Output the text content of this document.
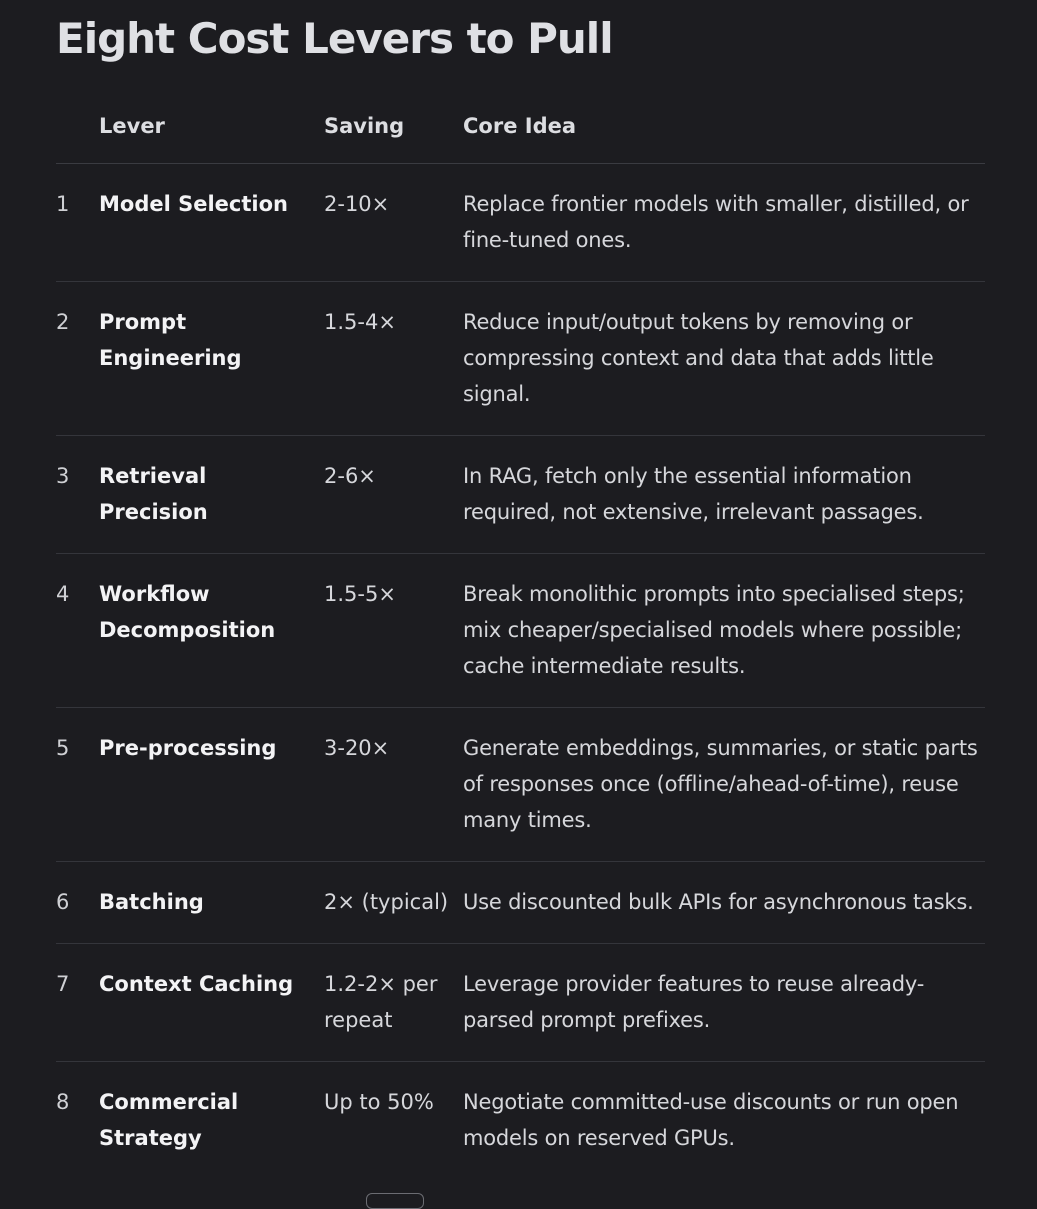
Eight Cost Levers to Pull
	Lever	Saving	Core Idea
1	Model Selection	2-10×	Replace frontier models with smaller, distilled, or fine-tuned ones.
2	Prompt Engineering	1.5-4×	Reduce input/output tokens by removing or compressing context and data that adds little signal.
3	Retrieval Precision	2-6×	In RAG, fetch only the essential information required, not extensive, irrelevant passages.
4	Workflow Decomposition	1.5-5×	Break monolithic prompts into specialised steps; mix cheaper/specialised models where possible; cache intermediate results.
5	Pre-processing	3-20×	Generate embeddings, summaries, or static parts of responses once (offline/ahead-of-time), reuse many times.
6	Batching	2× (typical)	Use discounted bulk APIs for asynchronous tasks.
7	Context Caching	1.2-2× per repeat	Leverage provider features to reuse already-parsed prompt prefixes.
8	Commercial Strategy	Up to 50%	Negotiate committed-use discounts or run open models on reserved GPUs.
